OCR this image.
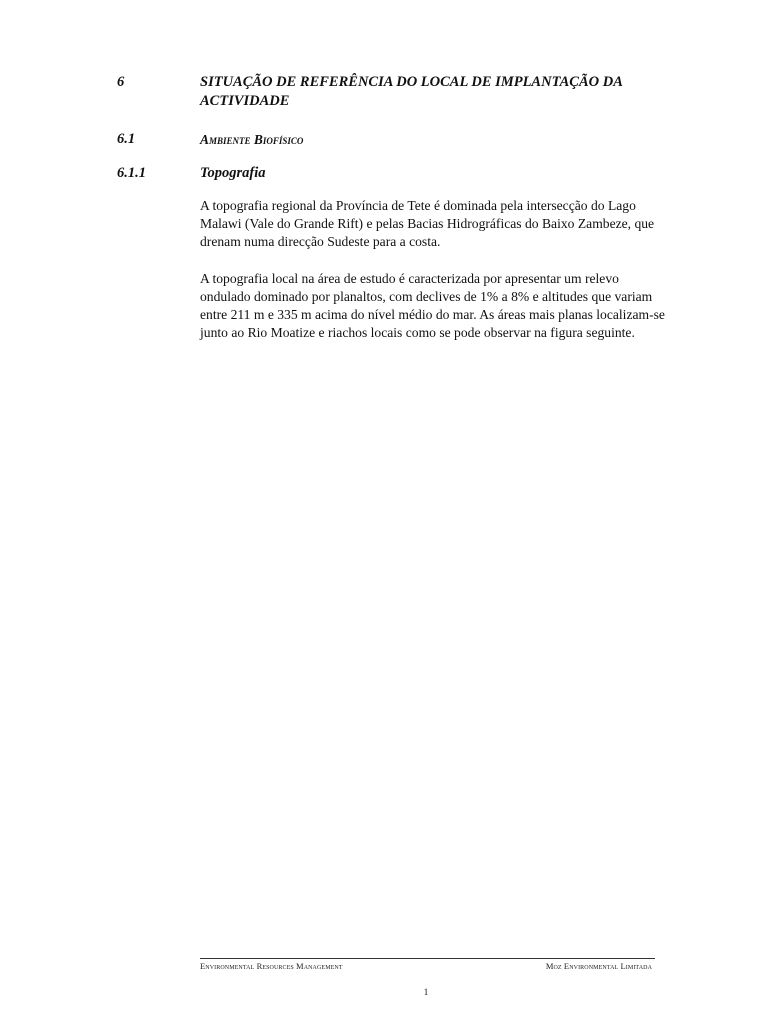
6	SITUAÇÃO DE REFERÊNCIA DO LOCAL DE IMPLANTAÇÃO DA ACTIVIDADE
6.1	Ambiente Biofísico
6.1.1	Topografia

A topografia regional da Província de Tete é dominada pela intersecção do Lago Malawi (Vale do Grande Rift) e pelas Bacias Hidrográficas do Baixo Zambeze, que drenam numa direcção Sudeste para a costa.

A topografia local na área de estudo é caracterizada por apresentar um relevo ondulado dominado por planaltos, com declives de 1% a 8% e altitudes que variam entre 211 m e 335 m acima do nível médio do mar. As áreas mais planas localizam-se junto ao Rio Moatize e riachos locais como se pode observar na figura seguinte.

Environmental Resources Management	Moz Environmental Limitada
1
